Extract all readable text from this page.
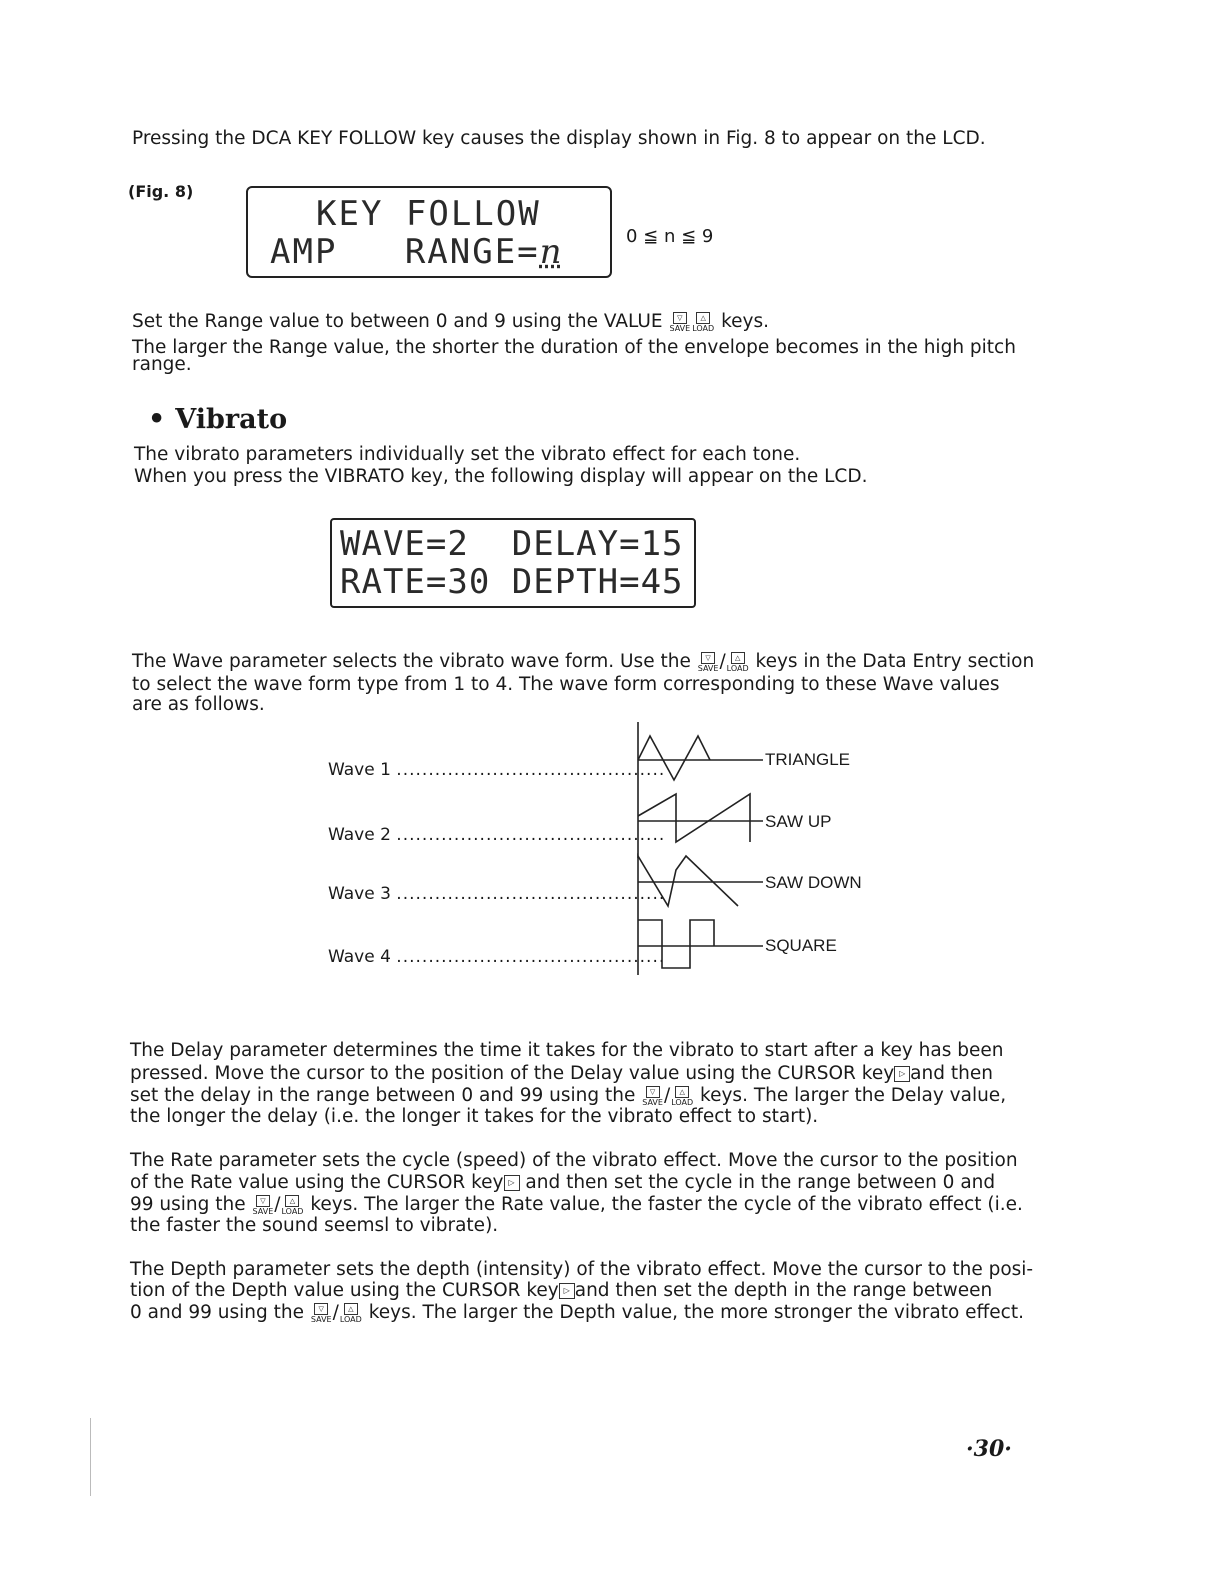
Pressing the DCA KEY FOLLOW key causes the display shown in Fig. 8 to appear on the LCD.

(Fig. 8)
KEY FOLLOW
AMP   RANGE=n	0 ≦ n ≦ 9

Set the Range value to between 0 and 9 using the VALUE	▽
SAVE
△
LOAD keys.

The larger the Range value, the shorter the duration of the envelope becomes in the high pitch

range.

• Vibrato

The vibrato parameters individually set the vibrato effect for each tone.

When you press the VIBRATO key, the following display will appear on the LCD.

WAVE=2  DELAY=15
RATE=30 DEPTH=45

The Wave parameter selects the vibrato wave form. Use the	▽
SAVE/	△
LOAD keys in the Data Entry section

to select the wave form type from 1 to 4. The wave form corresponding to these Wave values

are as follows.

Wave 1 ..........................................
Wave 2 ..........................................
Wave 3 ..........................................
Wave 4 ..........................................
TRIANGLE
SAW UP
SAW DOWN
SQUARE

The Delay parameter determines the time it takes for the vibrato to start after a key has been

pressed. Move the cursor to the position of the Delay value using the CURSOR key ▷ and then

set the delay in the range between 0 and 99 using the	▽
SAVE/	△
LOAD keys. The larger the Delay value,

the longer the delay (i.e. the longer it takes for the vibrato effect to start).

The Rate parameter sets the cycle (speed) of the vibrato effect. Move the cursor to the position

of the Rate value using the CURSOR key ▷ and then set the cycle in the range between 0 and

99 using the	▽
SAVE/	△
LOAD keys. The larger the Rate value, the faster the cycle of the vibrato effect (i.e.

the faster the sound seemsl to vibrate).

The Depth parameter sets the depth (intensity) of the vibrato effect. Move the cursor to the posi-

tion of the Depth value using the CURSOR key ▷ and then set the depth in the range between

0 and 99 using the	▽
SAVE/	△
LOAD keys. The larger the Depth value, the more stronger the vibrato effect.

·30·
